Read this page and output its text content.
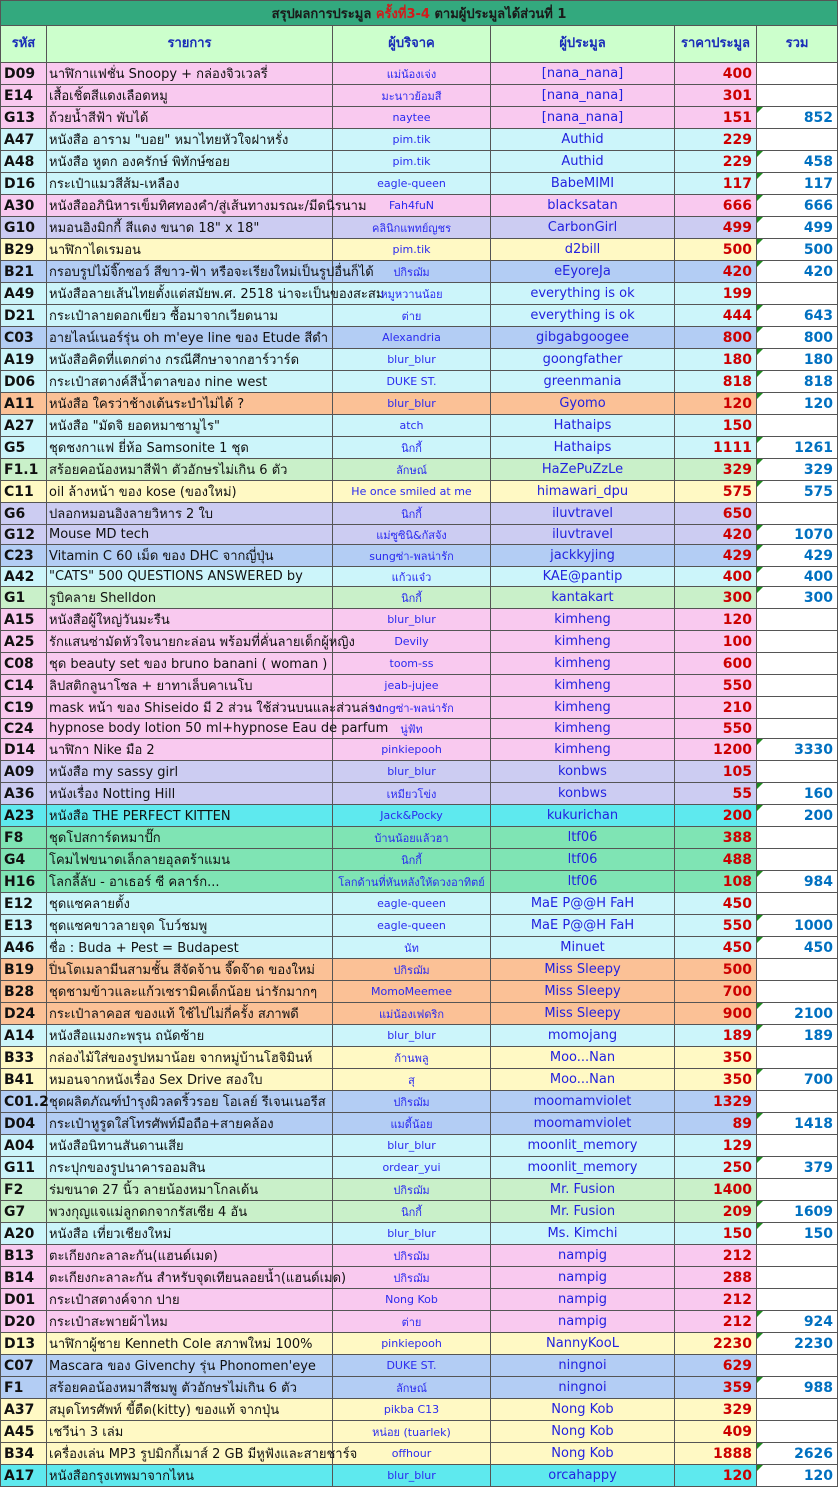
สรุปผลการประมูล ครั้งที่3-4 ตามผู้ประมูลได้ส่วนที่ 1					
รหัส	รายการ	ผู้บริจาค	ผู้ประมูล	ราคาประมูล	รวม
D09	นาฬิกาแฟชั่น Snoopy + กล่องจิวเวลรี่	แม่น้องเจ่ง	[nana_nana]	400	
E14	เสื้อเชิ้ตสีแดงเลือดหมู	มะนาวย้อมสี	[nana_nana]	301	
G13	ถ้วยน้ำสีฟ้า พับได้	naytee	[nana_nana]	151	852
A47	หนังสือ อาราม "บอย" หมาไทยหัวใจฝาหรั่ง	pim.tik	Authid	229	
A48	หนังสือ หูตก องครักษ์ พิทักษ์ซอย	pim.tik	Authid	229	458
D16	กระเป๋าแมวสีส้ม-เหลือง	eagle-queen	BabeMIMI	117	117
A30	หนังสืออภินิหารเข็มทิศทองคำ/สู่เส้นทางมรณะ/มีดนิรนาม	Fah4fuN	blacksatan	666	666
G10	หมอนอิงมิกกี้ สีแดง ขนาด 18" x 18"	คลินิกแพทย์ญชร	CarbonGirl	499	499
B29	นาฬิกาไดเรมอน	pim.tik	d2bill	500	500
B21	กรอบรูปไม้จิ๊กซอว์ สีขาว-ฟ้า หรือจะเรียงใหม่เป็นรูปอื่นก็ได้	ปกิรฌัม	eEyoreJa	420	420
A49	หนังสือลายเส้นไทยตั้งแต่สมัยพ.ศ. 2518 น่าจะเป็นของสะสม	หมูหวานน้อย	everything is ok	199	
D21	กระเป๋าลายดอกเขียว ซื้อมาจากเวียดนาม	ต่าย	everything is ok	444	643
C03	อายไลน์เนอร์รุ่น oh m'eye line ของ Etude สีดำ	Alexandria	gibgabgoogee	800	800
A19	หนังสือคิดที่แตกต่าง กรณีศึกษาจากฮาร์วาร์ด	blur_blur	goongfather	180	180
D06	กระเป๋าสตางค์สีน้ำตาลของ nine west	DUKE ST.	greenmania	818	818
A11	หนังสือ ใครว่าช้างเต้นระบำไม่ได้ ?	blur_blur	Gyomo	120	120
A27	หนังสือ "มัดจิ ยอดหมาซามูไร"	atch	Hathaips	150	
G5	ชุดชงกาแฟ ยี่ห้อ Samsonite 1 ชุด	นิกกี้	Hathaips	1111	1261
F1.1	สร้อยคอน้องหมาสีฟ้า ตัวอักษรไม่เกิน 6 ตัว	ลักษณ์	HaZePuZzLe	329	329
C11	oil ล้างหน้า ของ kose (ของใหม่)	He once smiled at me	himawari_dpu	575	575
G6	ปลอกหมอนอิงลายวิหาร 2 ใบ	นิกกี้	iluvtravel	650	
G12	Mouse MD tech	แม่ซูซินิ&กัสจัง	iluvtravel	420	1070
C23	Vitamin C 60 เม็ด ของ DHC จากญี่ปุ่น	sungซ่า-พลน่ารัก	jackkyjing	429	429
A42	"CATS" 500 QUESTIONS ANSWERED by	แก้วแจ๋ว	KAE@pantip	400	400
G1	รูบิคลาย Shelldon	นิกกี้	kantakart	300	300
A15	หนังสือผู้ใหญ่วันมะรืน	blur_blur	kimheng	120	
A25	รักแสนซ่ามัดหัวใจนายกะล่อน พร้อมที่คั่นลายเด็กผู้หญิง	Devily	kimheng	100	
C08	ชุด beauty set ของ bruno banani ( woman )	toom-ss	kimheng	600	
C14	ลิปสติกลูนาโซล + ยาทาเล็บคาเนโบ	jeab-jujee	kimheng	550	
C19	mask หน้า ของ Shiseido มี 2 ส่วน ใช้ส่วนบนและส่วนล่าง	sungซ่า-พลน่ารัก	kimheng	210	
C24	hypnose body lotion 50 ml+hypnose Eau de parfum	นู่ฟัท	kimheng	550	
D14	นาฬิกา Nike มือ 2	pinkiepooh	kimheng	1200	3330
A09	หนังสือ my sassy girl	blur_blur	konbws	105	
A36	หนังเรื่อง Notting Hill	เหมียวโข่ง	konbws	55	160
A23	หนังสือ THE PERFECT KITTEN	Jack&Pocky	kukurichan	200	200
F8	ชุดโปสการ์ดหมาปั๊ก	บ้านน้อยแล้วฮา	ltf06	388	
G4	โคมไฟขนาดเล็กลายอุลตร้าแมน	นิกกี้	ltf06	488	
H16	โลกลี้ลับ - อาเธอร์ ซี คลาร์ก...	โลกด้านที่หันหลังให้ดวงอาทิตย์	ltf06	108	984
E12	ชุดแซคลายตั้ง	eagle-queen	MaE P@@H FaH	450	
E13	ชุดแซคขาวลายจุด โบว์ชมพู	eagle-queen	MaE P@@H FaH	550	1000
A46	ชื่อ : Buda + Pest = Budapest	นัท	Minuet	450	450
B19	ปิ่นโตเมลามีนสามชั้น สีจัดจ้าน จี๊ดจ๊าด ของใหม่	ปกิรฌัม	Miss Sleepy	500	
B28	ชุดชามข้าวและแก้วเซรามิคเด็กน้อย น่ารักมากๆ	MomoMeemee	Miss Sleepy	700	
D24	กระเป๋าลาคอส ของแท้ ใช้ไปไม่กี่ครั้ง สภาพดี	แม่น้องเฟดริก	Miss Sleepy	900	2100
A14	หนังสือแมงกะพรุน ถนัดซ้าย	blur_blur	momojang	189	189
B33	กล่องไม้ใส่ของรูปหมาน้อย จากหมู่บ้านโฮจิมินห์	ก้านพลู	Moo...Nan	350	
B41	หมอนจากหนังเรื่อง Sex Drive สองใบ	สุ	Moo...Nan	350	700
C01.2	ชุดผลิตภัณฑ์บำรุงผิวลดริ้วรอย โอเลย์ รีเจนเนอรีส	ปกิรฌัม	moomamviolet	1329	
D04	กระเป๋าหูรูดใส่โทรศัพท์มือถือ+สายคล้อง	แมดี้น้อย	moomamviolet	89	1418
A04	หนังสือนิทานสันดานเสีย	blur_blur	moonlit_memory	129	
G11	กระปุกของรูปนาคารออมสิน	ordear_yui	moonlit_memory	250	379
F2	ร่มขนาด 27 นิ้ว ลายน้องหมาโกลเด้น	ปกิรฌัม	Mr. Fusion	1400	
G7	พวงกุญแจแม่ลูกดกจากรัสเซีย 4 อัน	นิกกี้	Mr. Fusion	209	1609
A20	หนังสือ เที่ยวเชียงใหม่	blur_blur	Ms. Kimchi	150	150
B13	ตะเกียงกะลาละกัน(แฮนด์เมด)	ปกิรฌัม	nampig	212	
B14	ตะเกียงกะลาละกัน สำหรับจุดเทียนลอยน้ำ(แฮนด์เมด)	ปกิรฌัม	nampig	288	
D01	กระเป๋าสตางค์จาก ปาย	Nong Kob	nampig	212	
D20	กระเป๋าสะพายผ้าไหม	ต่าย	nampig	212	924
D13	นาฬิกาผู้ชาย Kenneth Cole สภาพใหม่ 100%	pinkiepooh	NannyKooL	2230	2230
C07	Mascara ของ Givenchy รุ่น Phonomen'eye	DUKE ST.	ningnoi	629	
F1	สร้อยคอน้องหมาสีชมพู ตัวอักษรไม่เกิน 6 ตัว	ลักษณ์	ningnoi	359	988
A37	สมุดโทรศัพท์ ขี้ตืด(kitty) ของแท้ จากปุ่น	pikba C13	Nong Kob	329	
A45	เชวีน่า 3 เล่ม	หน่อย (tuarlek)	Nong Kob	409	
B34	เครื่องเล่น MP3 รูปมิกกี้เมาส์ 2 GB มีหูฟังและสายชาร์จ	offhour	Nong Kob	1888	2626
A17	หนังสือกรุงเทพมาจากไหน	blur_blur	orcahappy	120	120
